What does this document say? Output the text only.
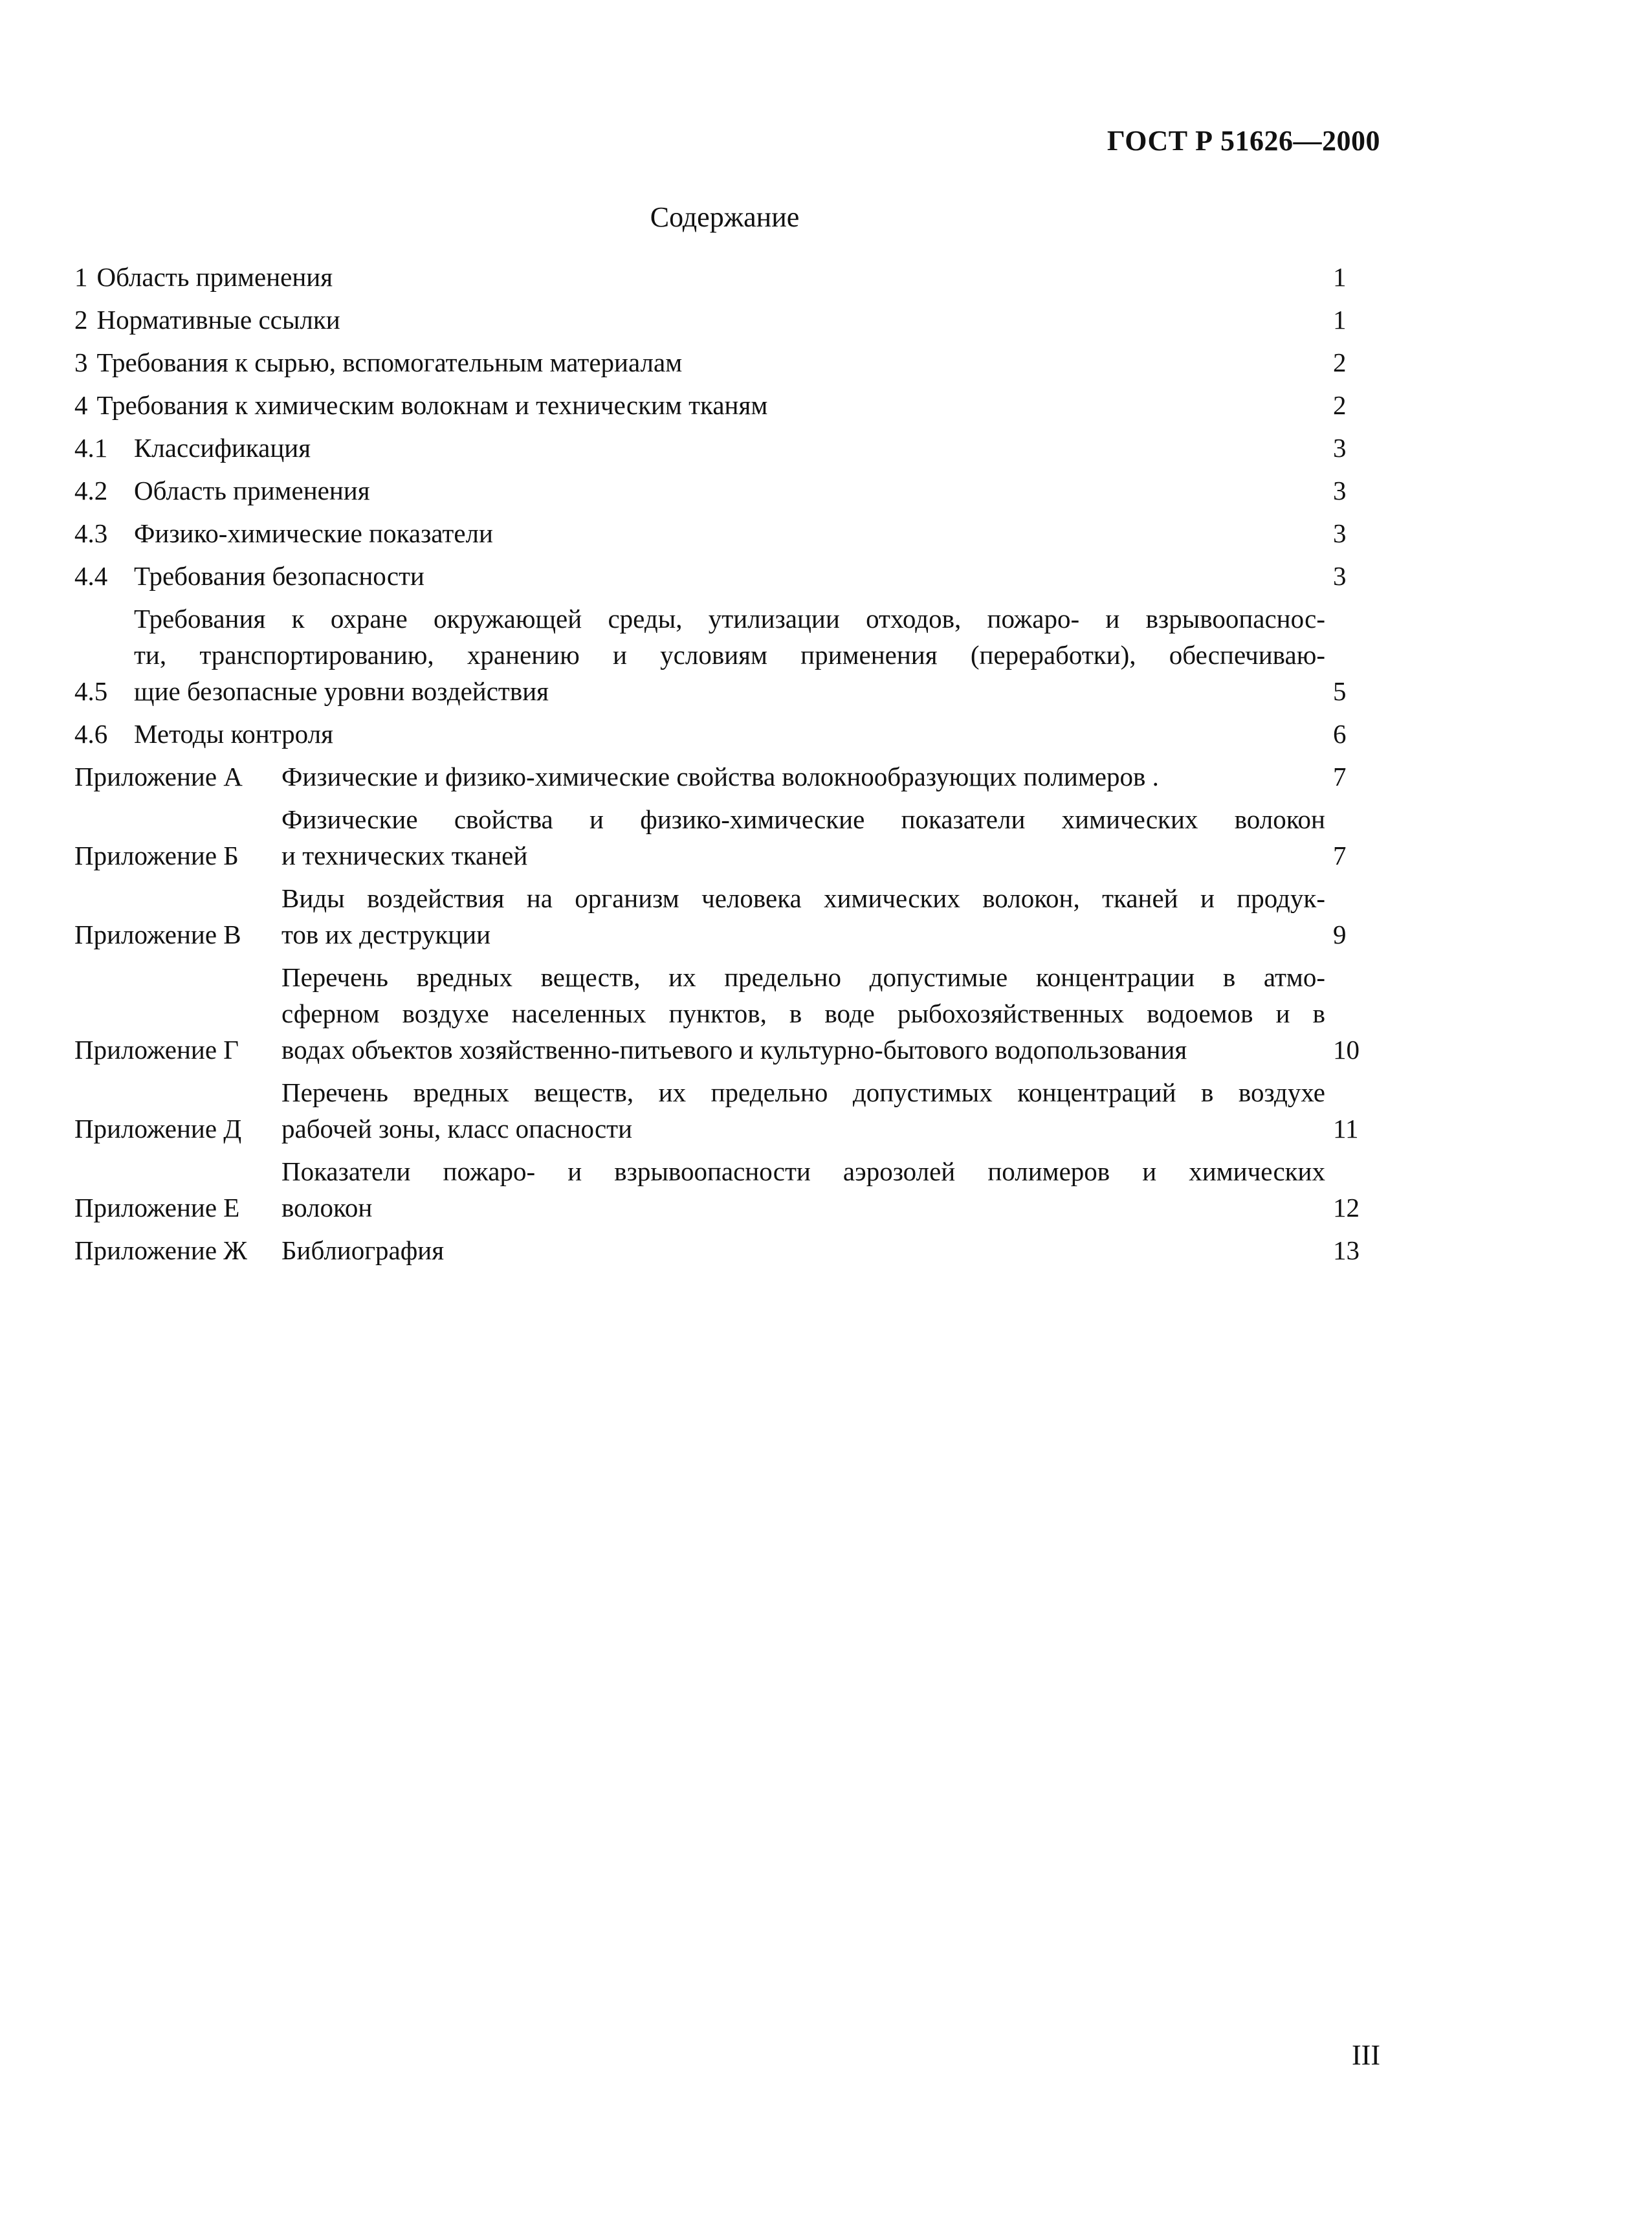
ГОСТ Р 51626—2000
Содержание
1 Область применения	1
2 Нормативные ссылки	1
3 Требования к сырью, вспомогательным материалам	2
4 Требования к химическим волокнам и техническим тканям	2
4.1 Классификация	3
4.2 Область применения	3
4.3 Физико-химические показатели	3
4.4 Требования безопасности	3
4.5
Требования к охране окружающей среды, утилизации отходов, пожаро- и взрывоопаснос-
ти, транспортированию, хранению и условиям применения (переработки), обеспечиваю-
щие безопасные уровни воздействия	5
4.6 Методы контроля	6
Приложение А	Физические и физико-химические свойства волокнообразующих полимеров .	7
Приложение Б
Физические свойства и физико-химические показатели химических волокон
и технических тканей	7
Приложение В
Виды воздействия на организм человека химических волокон, тканей и продук-
тов их деструкции	9
Приложение Г
Перечень вредных веществ, их предельно допустимые концентрации в атмо-
сферном воздухе населенных пунктов, в воде рыбохозяйственных водоемов и в
водах объектов хозяйственно-питьевого и культурно-бытового водопользования	10
Приложение Д
Перечень вредных веществ, их предельно допустимых концентраций в воздухе
рабочей зоны, класс опасности	11
Приложение Е
Показатели пожаро- и взрывоопасности аэрозолей полимеров и химических
волокон	12
Приложение Ж	Библиография	13
III
